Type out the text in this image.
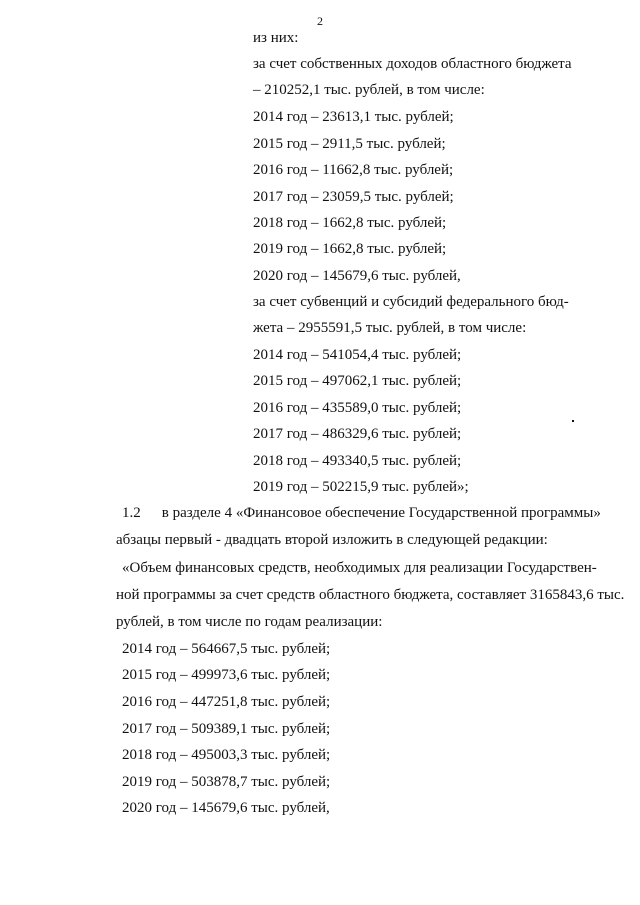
2
из них:
за счет собственных доходов областного бюджета
– 210252,1 тыс. рублей, в том числе:
2014 год – 23613,1 тыс. рублей;
2015 год – 2911,5 тыс. рублей;
2016 год – 11662,8 тыс. рублей;
2017 год – 23059,5 тыс. рублей;
2018 год – 1662,8 тыс. рублей;
2019 год – 1662,8 тыс. рублей;
2020 год – 145679,6 тыс. рублей,
за счет субвенций и субсидий федерального бюд-
жета – 2955591,5 тыс. рублей, в том числе:
2014 год – 541054,4 тыс. рублей;
2015 год – 497062,1 тыс. рублей;
2016 год – 435589,0 тыс. рублей;
2017 год – 486329,6 тыс. рублей;
2018 год – 493340,5 тыс. рублей;
2019 год – 502215,9 тыс. рублей»;
1.2 в разделе 4 «Финансовое обеспечение Государственной программы»
абзацы первый - двадцать второй изложить в следующей редакции:
«Объем финансовых средств, необходимых для реализации Государствен-
ной программы за счет средств областного бюджета, составляет 3165843,6 тыс.
рублей, в том числе по годам реализации:
2014 год – 564667,5 тыс. рублей;
2015 год – 499973,6 тыс. рублей;
2016 год – 447251,8 тыс. рублей;
2017 год – 509389,1 тыс. рублей;
2018 год – 495003,3 тыс. рублей;
2019 год – 503878,7 тыс. рублей;
2020 год – 145679,6 тыс. рублей,
